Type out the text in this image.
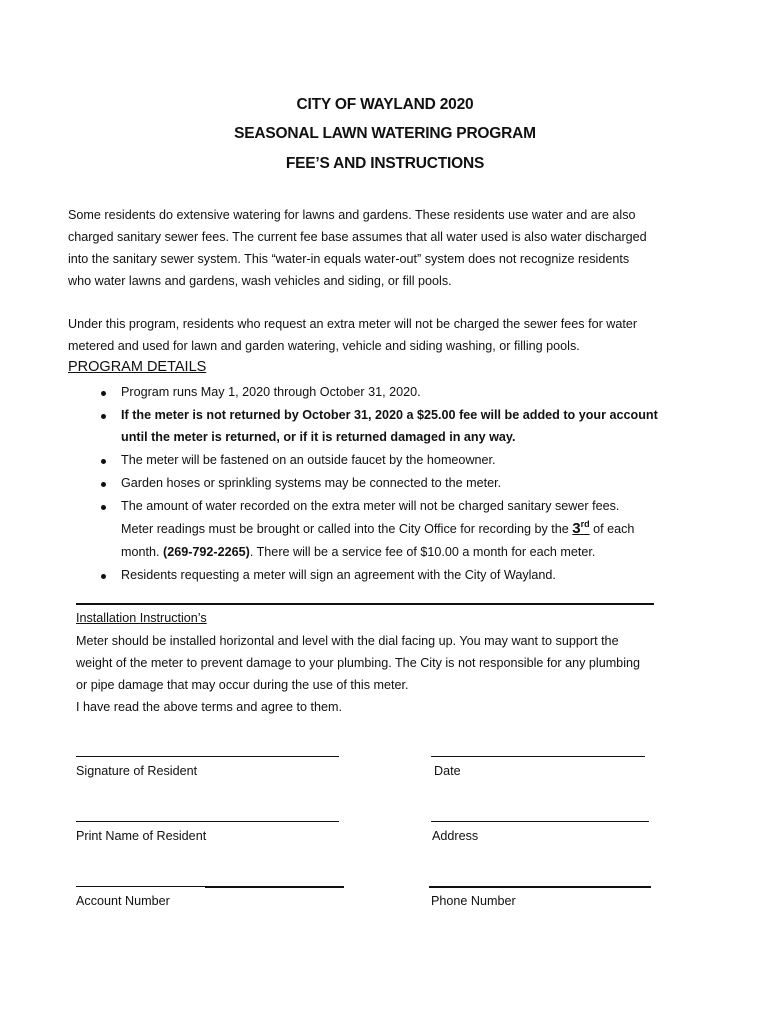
CITY OF WAYLAND 2020
SEASONAL LAWN WATERING PROGRAM
FEE’S AND INSTRUCTIONS
Some residents do extensive watering for lawns and gardens. These residents use water and are also
charged sanitary sewer fees. The current fee base assumes that all water used is also water discharged
into the sanitary sewer system. This “water-in equals water-out” system does not recognize residents
who water lawns and gardens, wash vehicles and siding, or fill pools.
Under this program, residents who request an extra meter will not be charged the sewer fees for water
metered and used for lawn and garden watering, vehicle and siding washing, or filling pools.
PROGRAM DETAILS
Program runs May 1, 2020 through October 31, 2020.
If the meter is not returned by October 31, 2020 a $25.00 fee will be added to your account
until the meter is returned, or if it is returned damaged in any way.
The meter will be fastened on an outside faucet by the homeowner.
Garden hoses or sprinkling systems may be connected to the meter.
The amount of water recorded on the extra meter will not be charged sanitary sewer fees.
Meter readings must be brought or called into the City Office for recording by the 3rd of each
month. (269-792-2265). There will be a service fee of $10.00 a month for each meter.
Residents requesting a meter will sign an agreement with the City of Wayland.
Installation Instruction’s
Meter should be installed horizontal and level with the dial facing up. You may want to support the
weight of the meter to prevent damage to your plumbing. The City is not responsible for any plumbing
or pipe damage that may occur during the use of this meter.
I have read the above terms and agree to them.
Signature of Resident	Date
Print Name of Resident	Address
Account Number	Phone Number
